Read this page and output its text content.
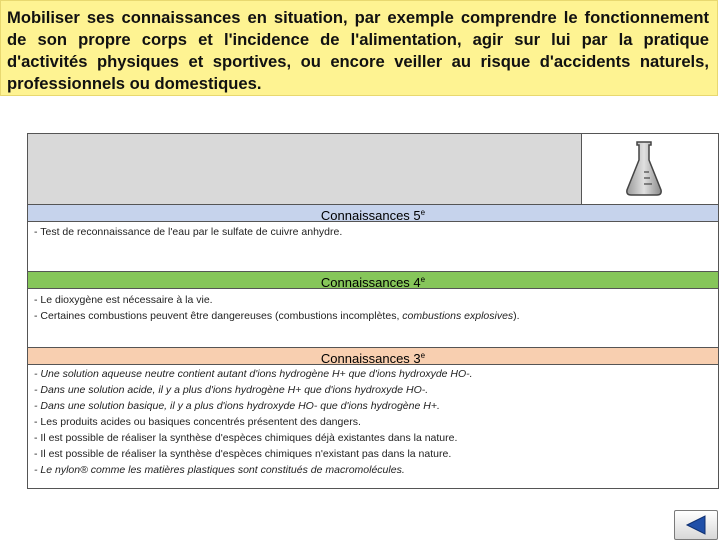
Mobiliser ses connaissances en situation, par exemple comprendre le fonctionnement de son propre corps et l'incidence de l'alimentation, agir sur lui par la pratique d'activités physiques et sportives, ou encore veiller au risque d'accidents naturels, professionnels ou domestiques.
Connaissances 5e
- Test de reconnaissance de l'eau par le sulfate de cuivre anhydre.
Connaissances 4e
- Le dioxygène est nécessaire à la vie.
- Certaines combustions peuvent être dangereuses (combustions incomplètes, combustions explosives).
Connaissances 3e
- Une solution aqueuse neutre contient autant d'ions hydrogène H+ que d'ions hydroxyde HO-.
- Dans une solution acide, il y a plus d'ions hydrogène H+ que d'ions hydroxyde HO-.
- Dans une solution basique, il y a plus d'ions hydroxyde HO- que d'ions hydrogène H+.
- Les produits acides ou basiques concentrés présentent des dangers.
- Il est possible de réaliser la synthèse d'espèces chimiques déjà existantes dans la nature.
- Il est possible de réaliser la synthèse d'espèces chimiques n'existant pas dans la nature.
- Le nylon® comme les matières plastiques sont constitués de macromolécules.
